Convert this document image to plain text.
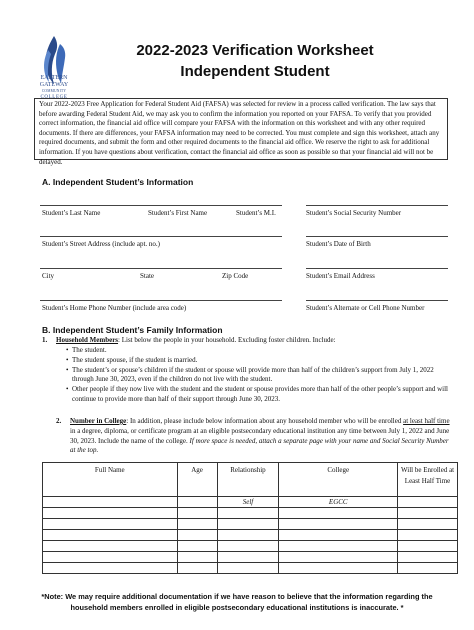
EASTERN
GATEWAY
COMMUNITY
COLLEGE
2022-2023 Verification Worksheet
Independent Student
Your 2022-2023 Free Application for Federal Student Aid (FAFSA) was selected for review in a process called verification. The law says that before awarding Federal Student Aid, we may ask you to confirm the information you reported on your FAFSA. To verify that you provided correct information, the financial aid office will compare your FAFSA with the information on this worksheet and with any other required documents. If there are differences, your FAFSA information may need to be corrected. You must complete and sign this worksheet, attach any required documents, and submit the form and other required documents to the financial aid office. We reserve the right to ask for additional information. If you have questions about verification, contact the financial aid office as soon as possible so that your financial aid will not be delayed.
A. Independent Student’s Information
Student’s Last Name	Student’s First Name	Student’s M.I.	Student’s Social Security Number
Student’s Street Address (include apt. no.)	Student’s Date of Birth
City	State	Zip Code	Student’s Email Address
Student’s Home Phone Number (include area code)	Student’s Alternate or Cell Phone Number
B. Independent Student’s Family Information
1. Household Members: List below the people in your household. Excluding foster children. Include:
• The student.
• The student spouse, if the student is married.
• The student’s or spouse’s children if the student or spouse will provide more than half of the children’s support from July 1, 2022 through June 30, 2023, even if the children do not live with the student.
• Other people if they now live with the student and the student or spouse provides more than half of the other people’s support and will continue to provide more than half of their support through June 30, 2023.
2. Number in College: In addition, please include below information about any household member who will be enrolled at least half time in a degree, diploma, or certificate program at an eligible postsecondary educational institution any time between July 1, 2022 and June 30, 2023. Include the name of the college. If more space is needed, attach a separate page with your name and Social Security Number at the top.
Full Name	Age	Relationship	College	Will be Enrolled at Least Half Time
		Self	EGCC	

*Note: We may require additional documentation if we have reason to believe that the information regarding the household members enrolled in eligible postsecondary educational institutions is inaccurate. *
